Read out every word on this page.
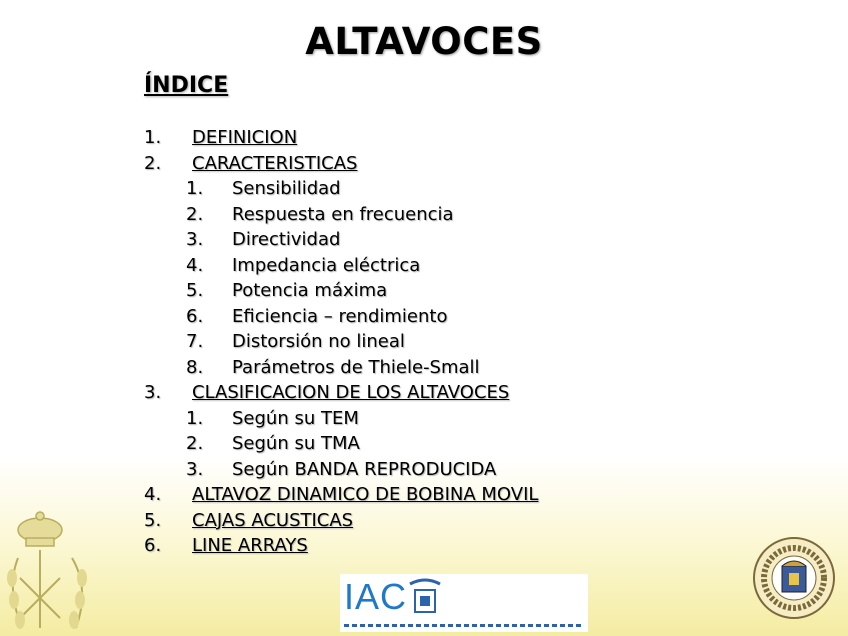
ALTAVOCES
ÍNDICE
1. DEFINICION
2. CARACTERISTICAS
1. Sensibilidad
2. Respuesta en frecuencia
3. Directividad
4. Impedancia eléctrica
5. Potencia máxima
6. Eficiencia – rendimiento
7. Distorsión no lineal
8. Parámetros de Thiele-Small
3. CLASIFICACION DE LOS ALTAVOCES
1. Según su TEM
2. Según su TMA
3. Según BANDA REPRODUCIDA
4. ALTAVOZ DINAMICO DE BOBINA MOVIL
5. CAJAS ACUSTICAS
6. LINE ARRAYS
IAC
